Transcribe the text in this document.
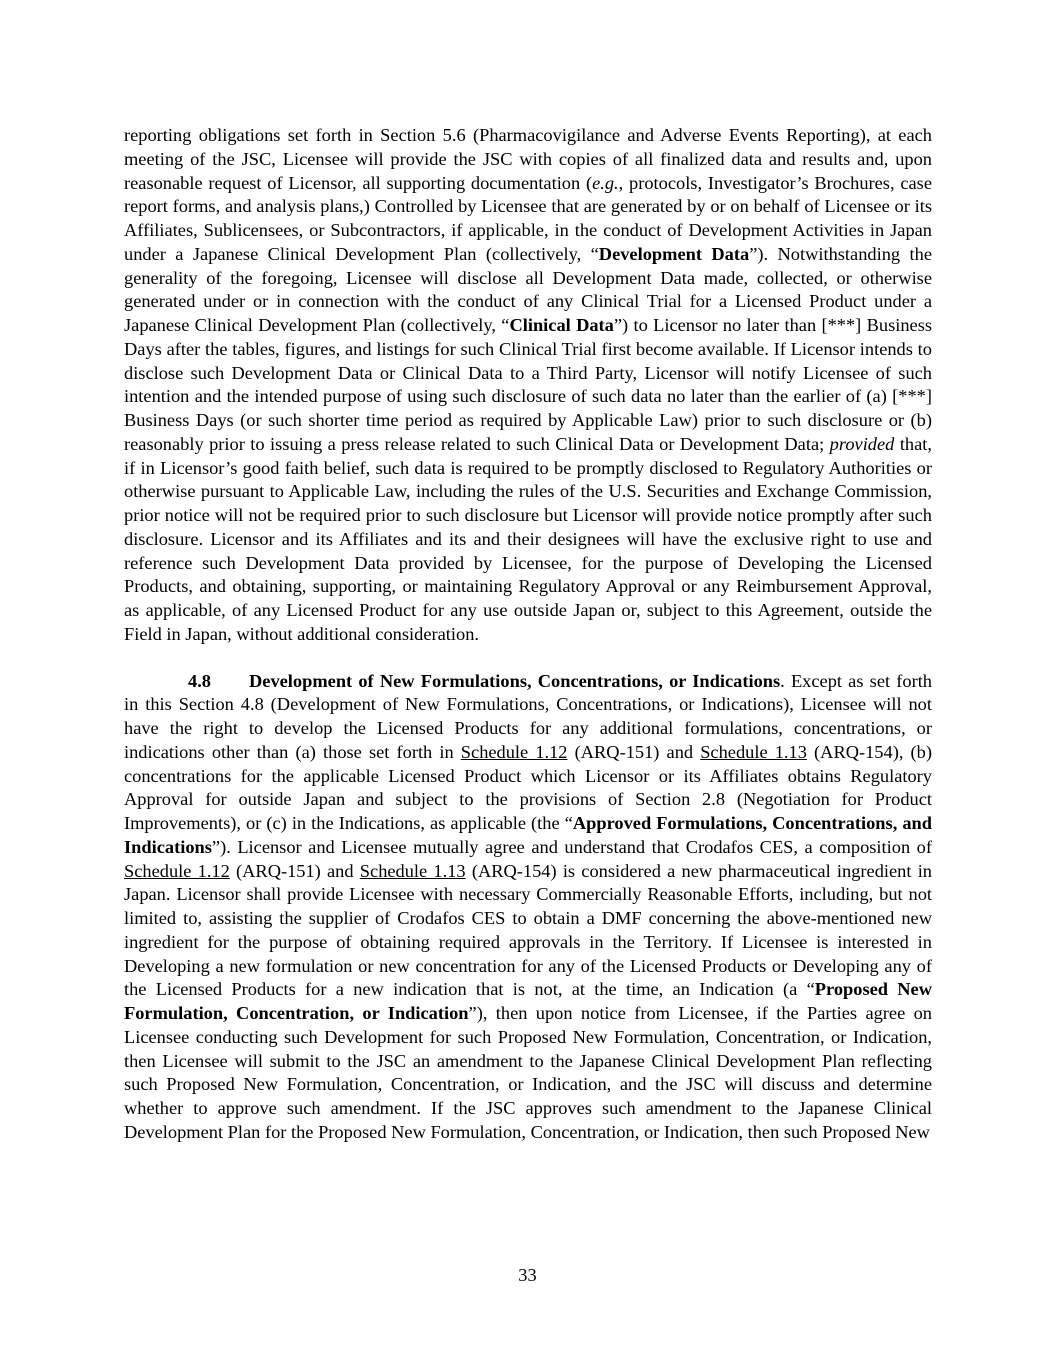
reporting obligations set forth in Section 5.6 (Pharmacovigilance and Adverse Events Reporting), at each meeting of the JSC, Licensee will provide the JSC with copies of all finalized data and results and, upon reasonable request of Licensor, all supporting documentation (e.g., protocols, Investigator’s Brochures, case report forms, and analysis plans,) Controlled by Licensee that are generated by or on behalf of Licensee or its Affiliates, Sublicensees, or Subcontractors, if applicable, in the conduct of Development Activities in Japan under a Japanese Clinical Development Plan (collectively, “Development Data”). Notwithstanding the generality of the foregoing, Licensee will disclose all Development Data made, collected, or otherwise generated under or in connection with the conduct of any Clinical Trial for a Licensed Product under a Japanese Clinical Development Plan (collectively, “Clinical Data”) to Licensor no later than [***] Business Days after the tables, figures, and listings for such Clinical Trial first become available. If Licensor intends to disclose such Development Data or Clinical Data to a Third Party, Licensor will notify Licensee of such intention and the intended purpose of using such disclosure of such data no later than the earlier of (a) [***] Business Days (or such shorter time period as required by Applicable Law) prior to such disclosure or (b) reasonably prior to issuing a press release related to such Clinical Data or Development Data; provided that, if in Licensor’s good faith belief, such data is required to be promptly disclosed to Regulatory Authorities or otherwise pursuant to Applicable Law, including the rules of the U.S. Securities and Exchange Commission, prior notice will not be required prior to such disclosure but Licensor will provide notice promptly after such disclosure. Licensor and its Affiliates and its and their designees will have the exclusive right to use and reference such Development Data provided by Licensee, for the purpose of Developing the Licensed Products, and obtaining, supporting, or maintaining Regulatory Approval or any Reimbursement Approval, as applicable, of any Licensed Product for any use outside Japan or, subject to this Agreement, outside the Field in Japan, without additional consideration.

4.8 Development of New Formulations, Concentrations, or Indications. Except as set forth in this Section 4.8 (Development of New Formulations, Concentrations, or Indications), Licensee will not have the right to develop the Licensed Products for any additional formulations, concentrations, or indications other than (a) those set forth in Schedule 1.12 (ARQ-151) and Schedule 1.13 (ARQ-154), (b) concentrations for the applicable Licensed Product which Licensor or its Affiliates obtains Regulatory Approval for outside Japan and subject to the provisions of Section 2.8 (Negotiation for Product Improvements), or (c) in the Indications, as applicable (the “Approved Formulations, Concentrations, and Indications”). Licensor and Licensee mutually agree and understand that Crodafos CES, a composition of Schedule 1.12 (ARQ-151) and Schedule 1.13 (ARQ-154) is considered a new pharmaceutical ingredient in Japan. Licensor shall provide Licensee with necessary Commercially Reasonable Efforts, including, but not limited to, assisting the supplier of Crodafos CES to obtain a DMF concerning the above-mentioned new ingredient for the purpose of obtaining required approvals in the Territory. If Licensee is interested in Developing a new formulation or new concentration for any of the Licensed Products or Developing any of the Licensed Products for a new indication that is not, at the time, an Indication (a “Proposed New Formulation, Concentration, or Indication”), then upon notice from Licensee, if the Parties agree on Licensee conducting such Development for such Proposed New Formulation, Concentration, or Indication, then Licensee will submit to the JSC an amendment to the Japanese Clinical Development Plan reflecting such Proposed New Formulation, Concentration, or Indication, and the JSC will discuss and determine whether to approve such amendment. If the JSC approves such amendment to the Japanese Clinical Development Plan for the Proposed New Formulation, Concentration, or Indication, then such Proposed New

33
